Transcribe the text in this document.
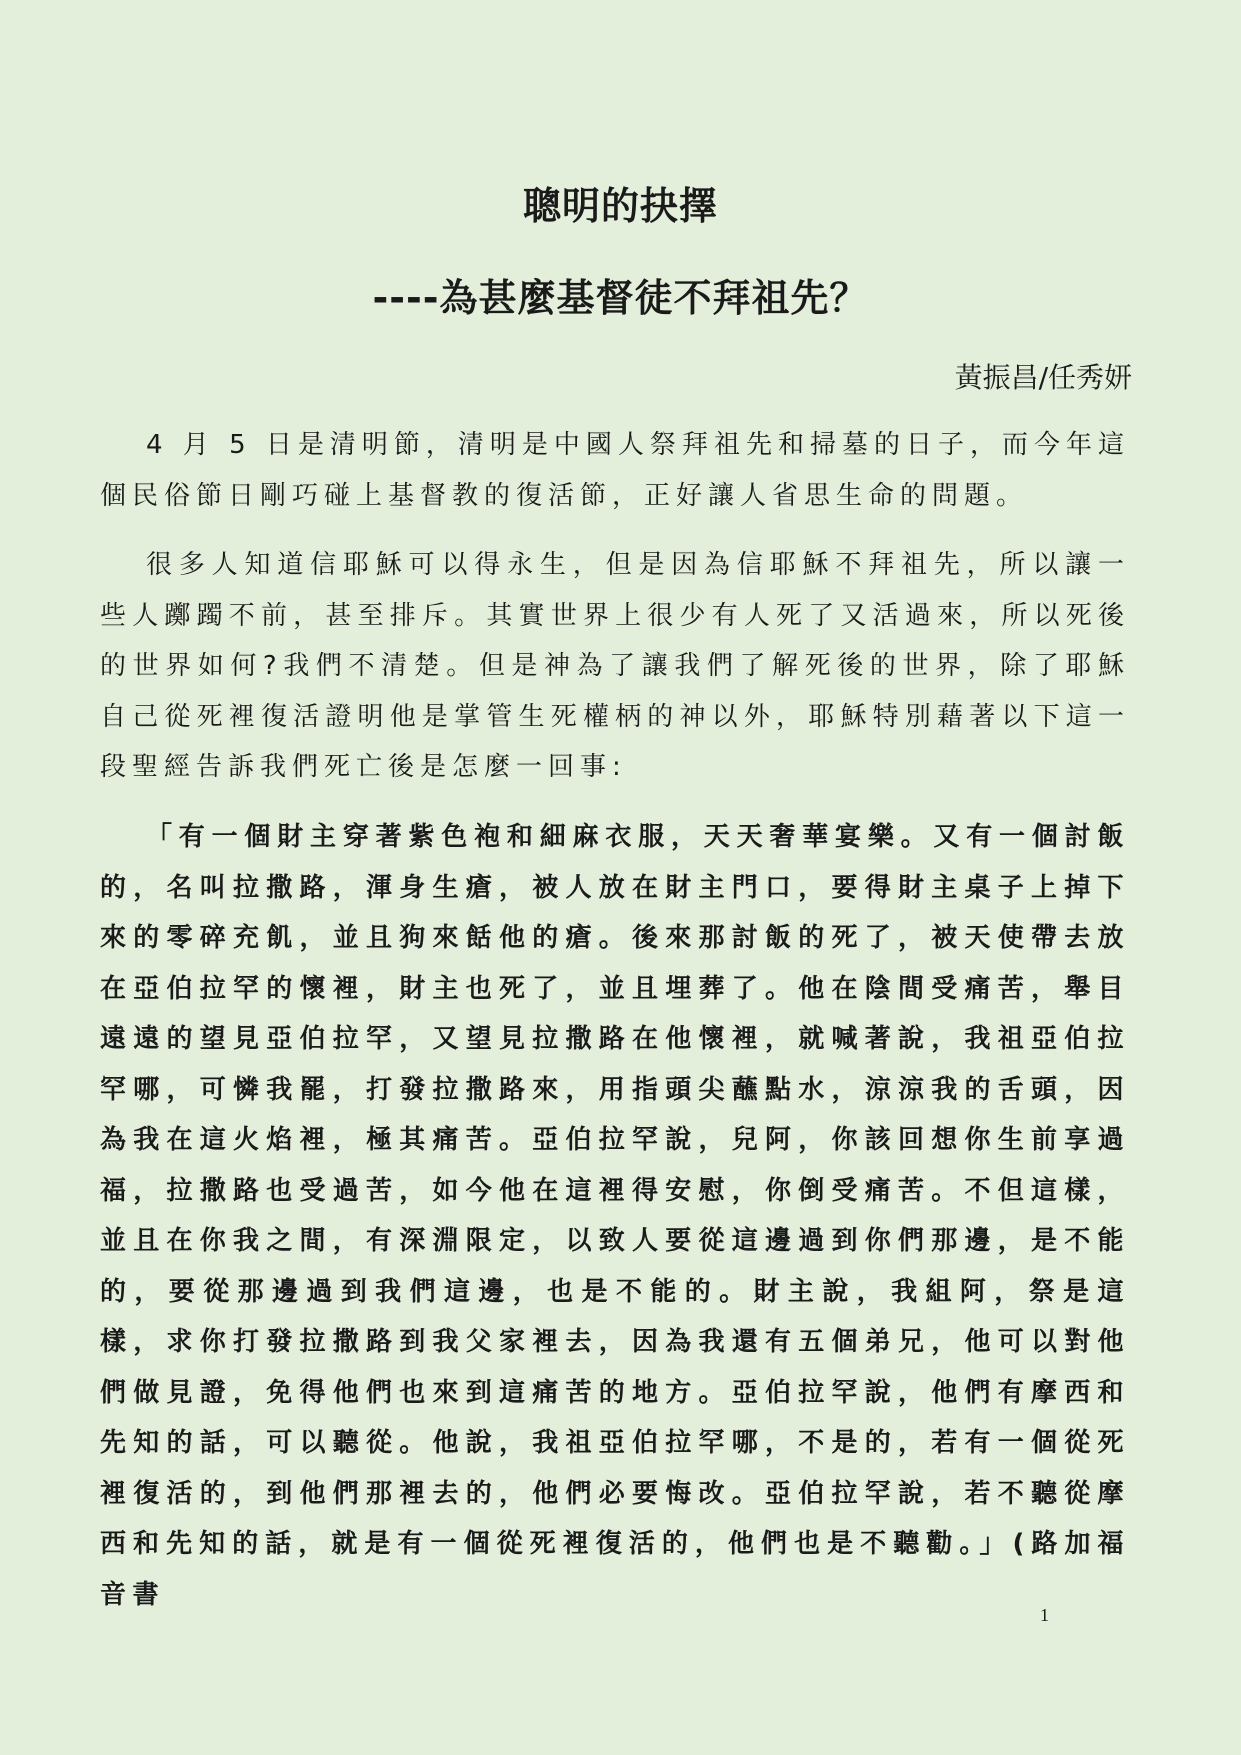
聰明的抉擇
----為甚麼基督徒不拜祖先？
黃振昌/任秀妍

4 月 5 日是清明節，清明是中國人祭拜祖先和掃墓的日子，而今年這個民俗節日剛巧碰上基督教的復活節，正好讓人省思生命的問題。

很多人知道信耶穌可以得永生，但是因為信耶穌不拜祖先，所以讓一些人躑躅不前，甚至排斥。其實世界上很少有人死了又活過來，所以死後的世界如何?我們不清楚。但是神為了讓我們了解死後的世界，除了耶穌自己從死裡復活證明他是掌管生死權柄的神以外，耶穌特別藉著以下這一段聖經告訴我們死亡後是怎麼一回事:

「有一個財主穿著紫色袍和細麻衣服，天天奢華宴樂。又有一個討飯的，名叫拉撒路，渾身生瘡，被人放在財主門口，要得財主桌子上掉下來的零碎充飢，並且狗來餂他的瘡。後來那討飯的死了，被天使帶去放在亞伯拉罕的懷裡，財主也死了，並且埋葬了。他在陰間受痛苦，舉目遠遠的望見亞伯拉罕，又望見拉撒路在他懷裡，就喊著說，我祖亞伯拉罕哪，可憐我罷，打發拉撒路來，用指頭尖蘸點水，涼涼我的舌頭，因為我在這火焰裡，極其痛苦。亞伯拉罕說，兒阿，你該回想你生前享過福，拉撒路也受過苦，如今他在這裡得安慰，你倒受痛苦。不但這樣，並且在你我之間，有深淵限定，以致人要從這邊過到你們那邊，是不能的，要從那邊過到我們這邊，也是不能的。財主說，我組阿，祭是這樣，求你打發拉撒路到我父家裡去，因為我還有五個弟兄，他可以對他們做見證，免得他們也來到這痛苦的地方。亞伯拉罕說，他們有摩西和先知的話，可以聽從。他說，我祖亞伯拉罕哪，不是的，若有一個從死裡復活的，到他們那裡去的，他們必要悔改。亞伯拉罕說，若不聽從摩西和先知的話，就是有一個從死裡復活的，他們也是不聽勸。」(路加福音書

1
